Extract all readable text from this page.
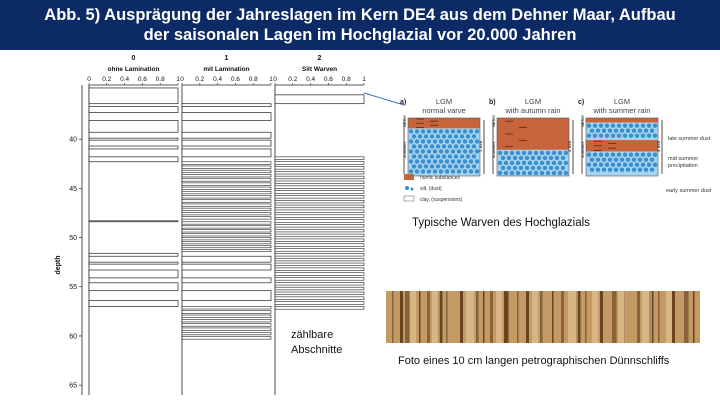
Abb. 5) Ausprägung der Jahreslagen im Kern DE4 aus dem Dehner Maar, Aufbau
der saisonalen Lagen im Hochglazial vor 20.000 Jahren
0
ohne Lamination
0 0.2 0.4 0.6 0.8 1
1
mit Lamination
0 0.2 0.4 0.6 0.8 1
2
Silt Warven
0 0.2 0.4 0.6 0.8 1
40
45
50
55
60
65
depth
zählbare
Abschnitte
a)	LGM
normal varve
winter
summer	1 mm
b)	LGM
with autumn rain
winter
summer	4 mm
c)	LGM
with summer rain
winter
summer	4 mm
humic substances
silt, (dust)
clay, (suspensions)
late summer dust
mid summer
precipitation
early summer dust
Typische Warven des Hochglazials
Foto eines 10 cm langen petrographischen Dünnschliffs
